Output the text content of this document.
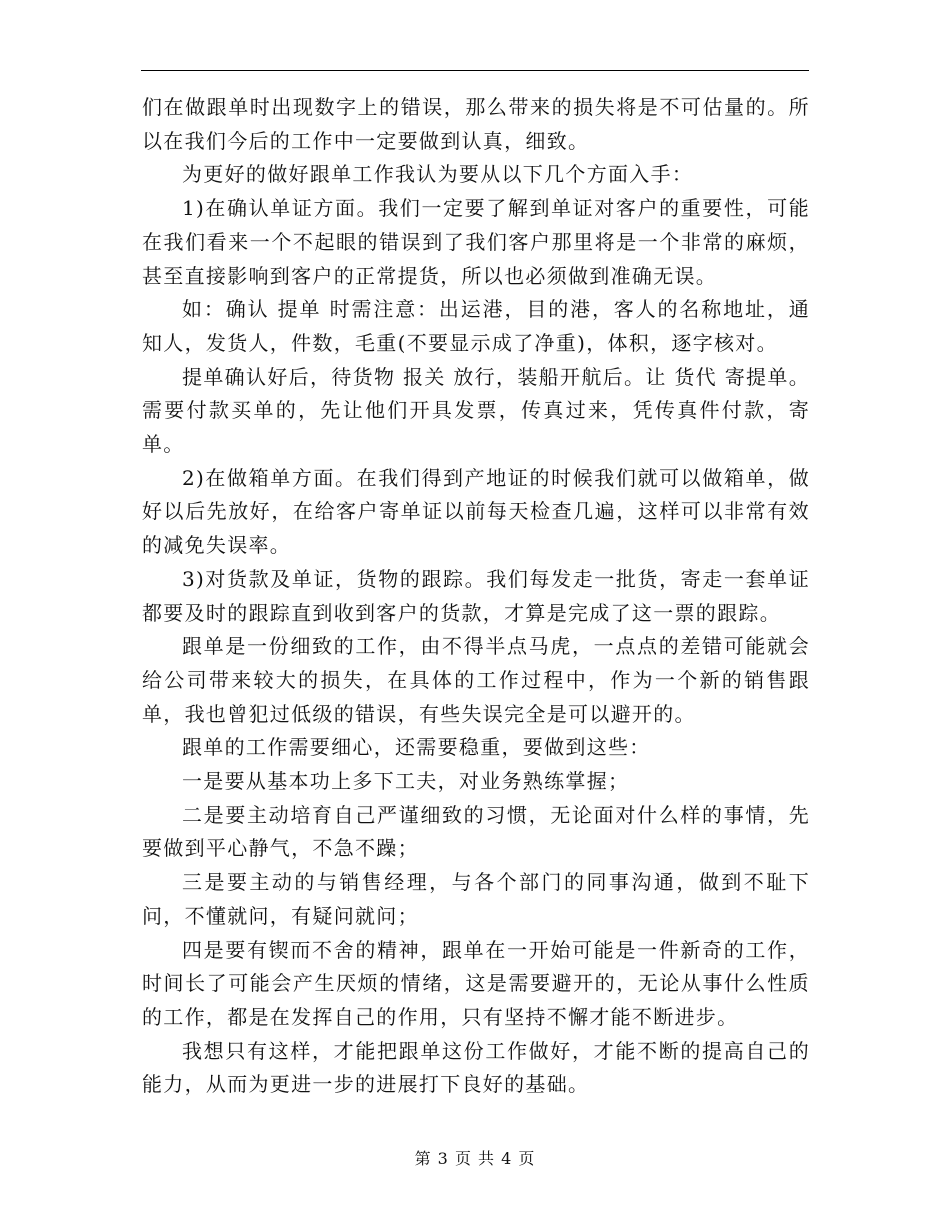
们在做跟单时出现数字上的错误，那么带来的损失将是不可估量的。所以在我们今后的工作中一定要做到认真，细致。

为更好的做好跟单工作我认为要从以下几个方面入手：

1)在确认单证方面。我们一定要了解到单证对客户的重要性，可能在我们看来一个不起眼的错误到了我们客户那里将是一个非常的麻烦，甚至直接影响到客户的正常提货，所以也必须做到准确无误。

如：确认 提单 时需注意：出运港，目的港，客人的名称地址，通知人，发货人，件数，毛重(不要显示成了净重)，体积，逐字核对。

提单确认好后，待货物 报关 放行，装船开航后。让 货代 寄提单。需要付款买单的，先让他们开具发票，传真过来，凭传真件付款，寄单。

2)在做箱单方面。在我们得到产地证的时候我们就可以做箱单，做好以后先放好，在给客户寄单证以前每天检查几遍，这样可以非常有效的减免失误率。

3)对货款及单证，货物的跟踪。我们每发走一批货，寄走一套单证都要及时的跟踪直到收到客户的货款，才算是完成了这一票的跟踪。

跟单是一份细致的工作，由不得半点马虎，一点点的差错可能就会给公司带来较大的损失，在具体的工作过程中，作为一个新的销售跟单，我也曾犯过低级的错误，有些失误完全是可以避开的。

跟单的工作需要细心，还需要稳重，要做到这些：

一是要从基本功上多下工夫，对业务熟练掌握；

二是要主动培育自己严谨细致的习惯，无论面对什么样的事情，先要做到平心静气，不急不躁；

三是要主动的与销售经理，与各个部门的同事沟通，做到不耻下问，不懂就问，有疑问就问；

四是要有锲而不舍的精神，跟单在一开始可能是一件新奇的工作，时间长了可能会产生厌烦的情绪，这是需要避开的，无论从事什么性质的工作，都是在发挥自己的作用，只有坚持不懈才能不断进步。

我想只有这样，才能把跟单这份工作做好，才能不断的提高自己的能力，从而为更进一步的进展打下良好的基础。

第 3 页 共 4 页
